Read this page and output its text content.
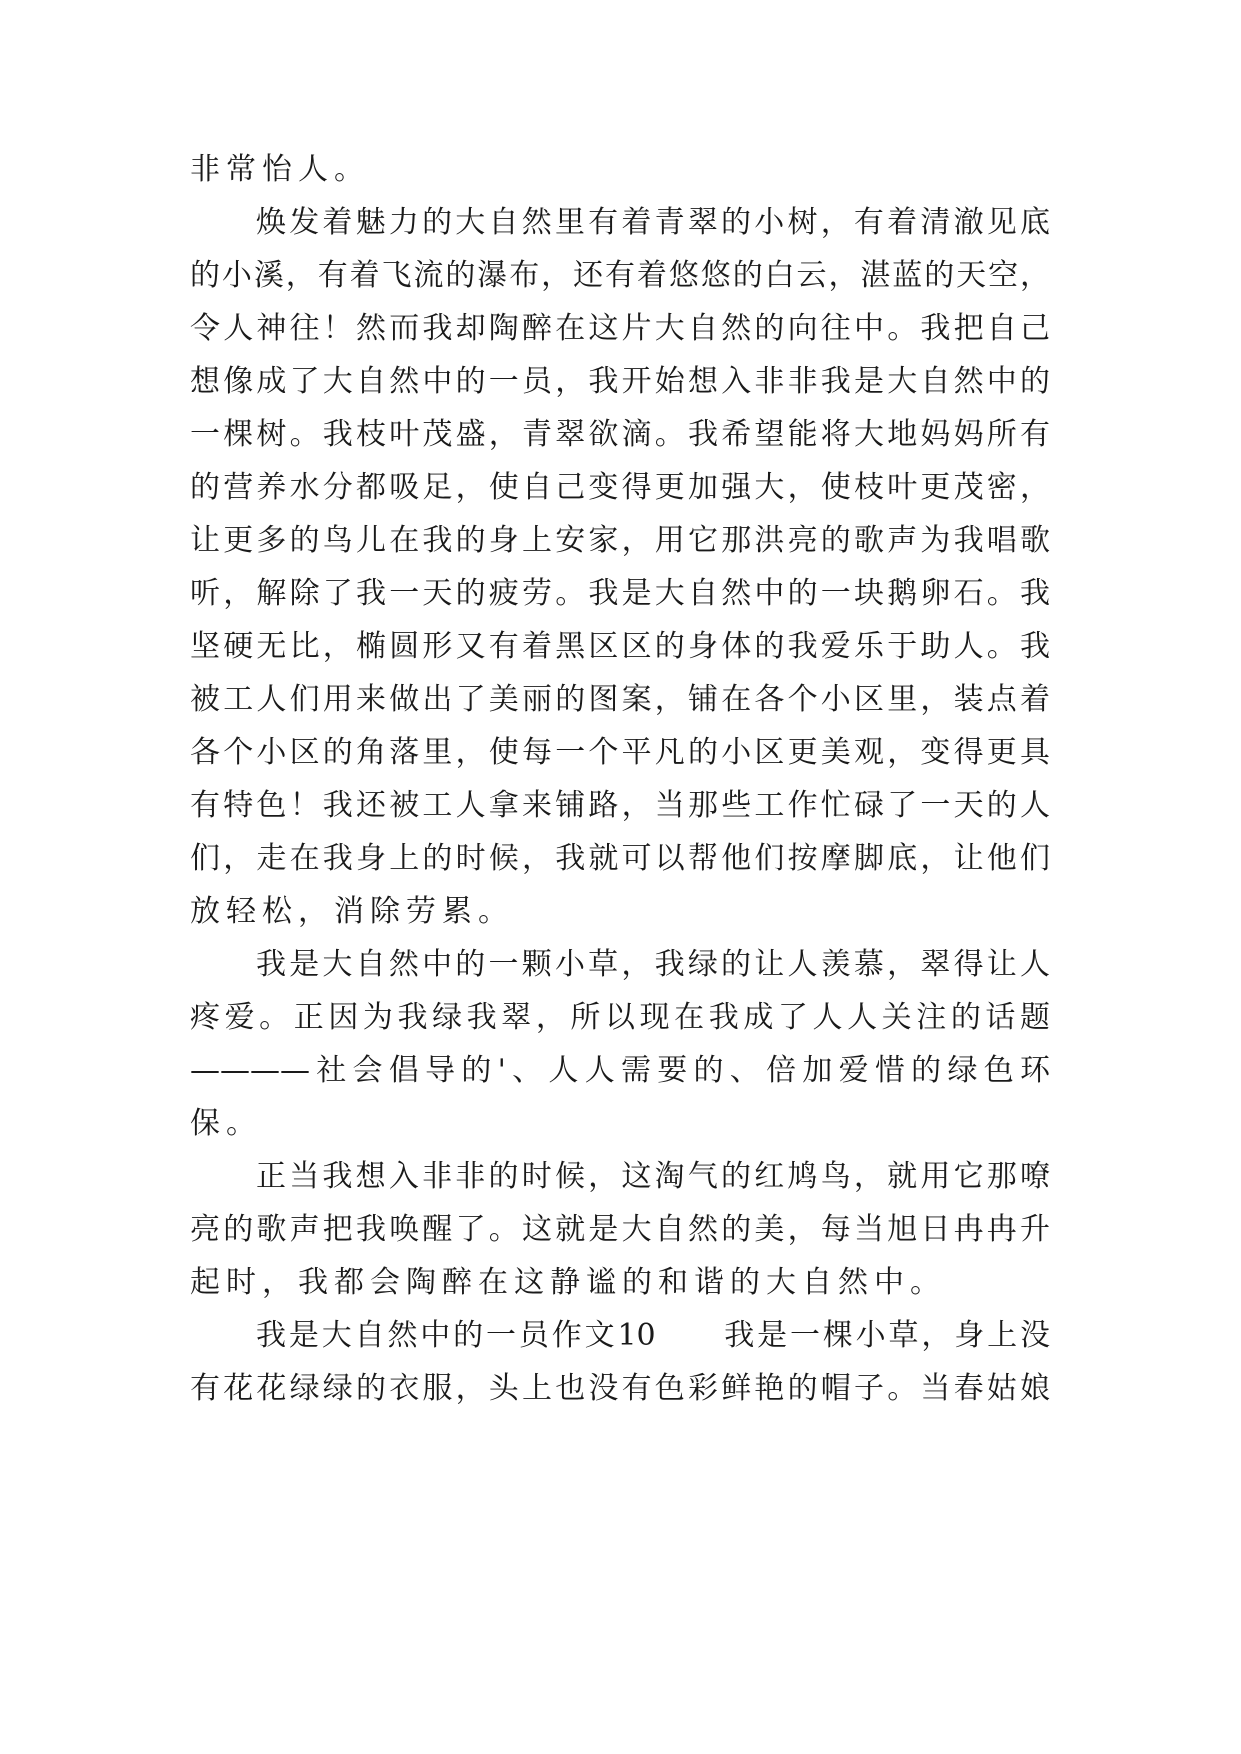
非常怡人。

焕发着魅力的大自然里有着青翠的小树，有着清澈见底

的小溪，有着飞流的瀑布，还有着悠悠的白云，湛蓝的天空，

令人神往！然而我却陶醉在这片大自然的向往中。我把自己

想像成了大自然中的一员，我开始想入非非我是大自然中的

一棵树。我枝叶茂盛，青翠欲滴。我希望能将大地妈妈所有

的营养水分都吸足，使自己变得更加强大，使枝叶更茂密，

让更多的鸟儿在我的身上安家，用它那洪亮的歌声为我唱歌

听，解除了我一天的疲劳。我是大自然中的一块鹅卵石。我

坚硬无比，椭圆形又有着黑区区的身体的我爱乐于助人。我

被工人们用来做出了美丽的图案，铺在各个小区里，装点着

各个小区的角落里，使每一个平凡的小区更美观，变得更具

有特色！我还被工人拿来铺路，当那些工作忙碌了一天的人

们，走在我身上的时候，我就可以帮他们按摩脚底，让他们

放轻松，消除劳累。

我是大自然中的一颗小草，我绿的让人羡慕，翠得让人

疼爱。正因为我绿我翠，所以现在我成了人人关注的话题

————社会倡导的'、人人需要的、倍加爱惜的绿色环

保。

正当我想入非非的时候，这淘气的红鸠鸟，就用它那嘹

亮的歌声把我唤醒了。这就是大自然的美，每当旭日冉冉升

起时，我都会陶醉在这静谧的和谐的大自然中。

我是大自然中的一员作文10　　我是一棵小草，身上没

有花花绿绿的衣服，头上也没有色彩鲜艳的帽子。当春姑娘
